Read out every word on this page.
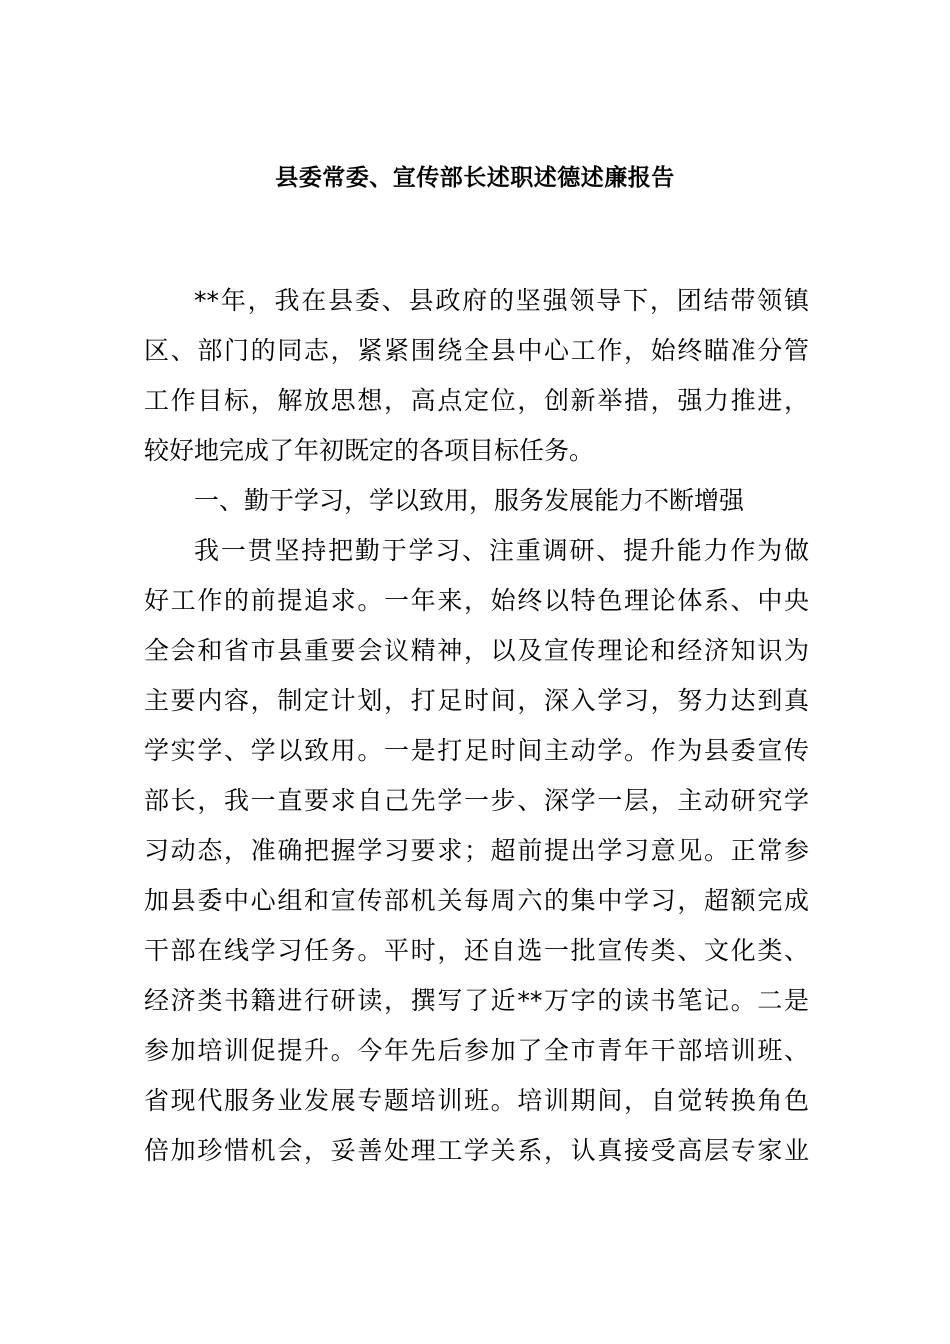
县委常委、宣传部长述职述德述廉报告
**年，我在县委、县政府的坚强领导下，团结带领镇
区、部门的同志，紧紧围绕全县中心工作，始终瞄准分管
工作目标，解放思想，高点定位，创新举措，强力推进，
较好地完成了年初既定的各项目标任务。
一、勤于学习，学以致用，服务发展能力不断增强
我一贯坚持把勤于学习、注重调研、提升能力作为做
好工作的前提追求。一年来，始终以特色理论体系、中央
全会和省市县重要会议精神，以及宣传理论和经济知识为
主要内容，制定计划，打足时间，深入学习，努力达到真
学实学、学以致用。一是打足时间主动学。作为县委宣传
部长，我一直要求自己先学一步、深学一层，主动研究学
习动态，准确把握学习要求；超前提出学习意见。正常参
加县委中心组和宣传部机关每周六的集中学习，超额完成
干部在线学习任务。平时，还自选一批宣传类、文化类、
经济类书籍进行研读，撰写了近**万字的读书笔记。二是
参加培训促提升。今年先后参加了全市青年干部培训班、
省现代服务业发展专题培训班。培训期间，自觉转换角色
倍加珍惜机会，妥善处理工学关系，认真接受高层专家业
